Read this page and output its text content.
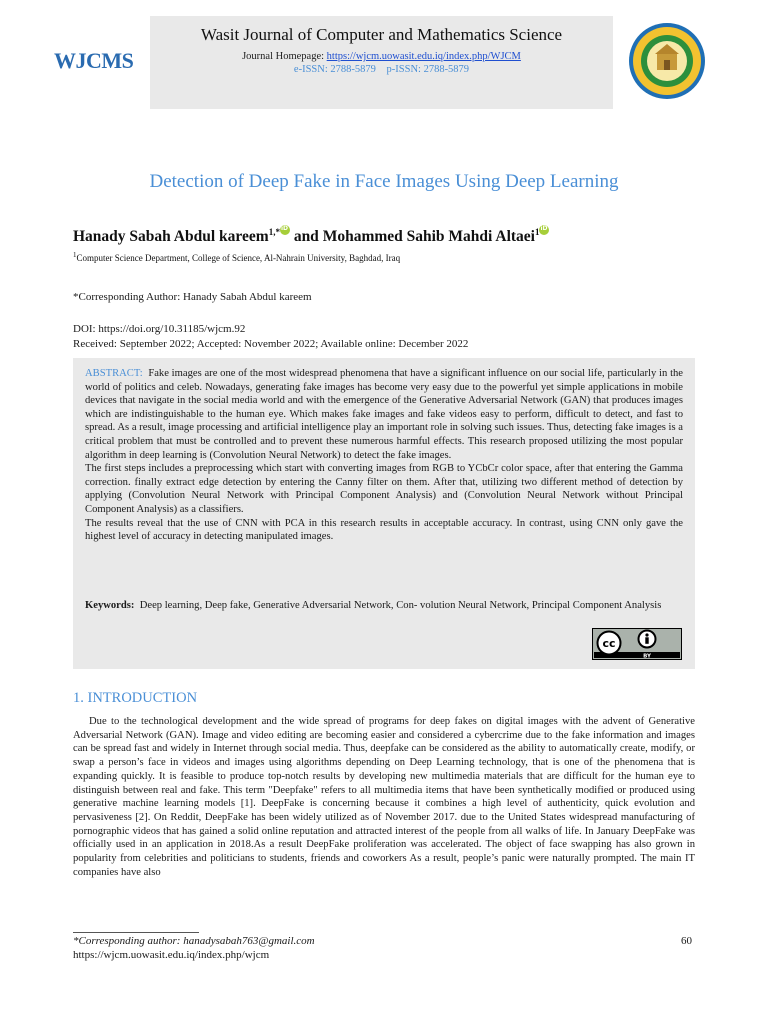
WJCMS
Wasit Journal of Computer and Mathematics Science
Journal Homepage: https://wjcm.uowasit.edu.iq/index.php/WJCM
e-ISSN: 2788-5879 p-ISSN: 2788-5879
Detection of Deep Fake in Face Images Using Deep Learning
Hanady Sabah Abdul kareem$^{1,*}$iD and Mohammed Sahib Mahdi Altaei$^1$iD
$^1$Computer Science Department, College of Science, Al-Nahrain University, Baghdad, Iraq
*Corresponding Author: Hanady Sabah Abdul kareem
DOI: https://doi.org/10.31185/wjcm.92
Received: September 2022; Accepted: November 2022; Available online: December 2022

ABSTRACT: Fake images are one of the most widespread phenomena that have a significant influence on our social life, particularly in the world of politics and celeb. Nowadays, generating fake images has become very easy due to the powerful yet simple applications in mobile devices that navigate in the social media world and with the emergence of the Generative Adversarial Network (GAN) that produces images which are indistinguishable to the human eye. Which makes fake images and fake videos easy to perform, difficult to detect, and fast to spread. As a result, image processing and artificial intelligence play an important role in solving such issues. Thus, detecting fake images is a critical problem that must be controlled and to prevent these numerous harmful effects. This research proposed utilizing the most popular algorithm in deep learning is (Convolution Neural Network) to detect the fake images.

The first steps includes a preprocessing which start with converting images from RGB to YCbCr color space, after that entering the Gamma correction. finally extract edge detection by entering the Canny filter on them. After that, utilizing two different method of detection by applying (Convolution Neural Network with Principal Component Analysis) and (Convolution Neural Network without Principal Component Analysis) as a classifiers.

The results reveal that the use of CNN with PCA in this research results in acceptable accuracy. In contrast, using CNN only gave the highest level of accuracy in detecting manipulated images.

Keywords: Deep learning, Deep fake, Generative Adversarial Network, Con- volution Neural Network, Principal Component Analysis
cc
BY
1. INTRODUCTION
Due to the technological development and the wide spread of programs for deep fakes on digital images with the advent of Generative Adversarial Network (GAN). Image and video editing are becoming easier and considered a cybercrime due to the fake information and images can be spread fast and widely in Internet through social media. Thus, deepfake can be considered as the ability to automatically create, modify, or swap a person’s face in videos and images using algorithms depending on Deep Learning technology, that is one of the phenomena that is expanding quickly. It is feasible to produce top-notch results by developing new multimedia materials that are difficult for the human eye to distinguish between real and fake. This term "Deepfake" refers to all multimedia items that have been synthetically modified or produced using generative machine learning models [1]. DeepFake is concerning because it combines a high level of authenticity, quick evolution and pervasiveness [2]. On Reddit, DeepFake has been widely utilized as of November 2017. due to the United States widespread manufacturing of pornographic videos that has gained a solid online reputation and attracted interest of the people from all walks of life. In January DeepFake was officially used in an application in 2018.As a result DeepFake proliferation was accelerated. The object of face swapping has also grown in popularity from celebrities and politicians to students, friends and coworkers As a result, people’s panic were naturally prompted. The main IT companies have also
*Corresponding author: hanadysabah763@gmail.com
https://wjcm.uowasit.edu.iq/index.php/wjcm
60
